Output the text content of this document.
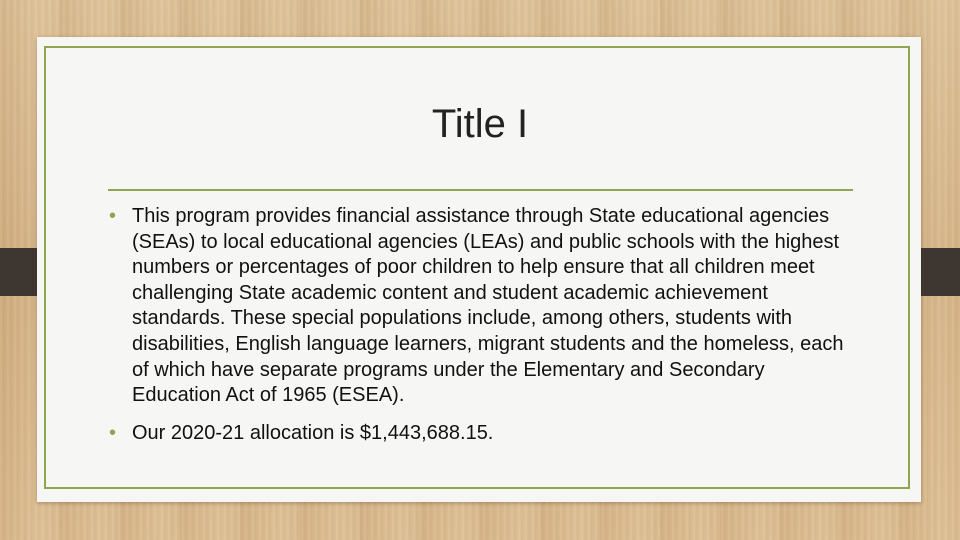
Title I
• This program provides financial assistance through State educational agencies (SEAs) to local educational agencies (LEAs) and public schools with the highest numbers or percentages of poor children to help ensure that all children meet challenging State academic content and student academic achievement standards. These special populations include, among others, students with disabilities, English language learners, migrant students and the homeless, each of which have separate programs under the Elementary and Secondary Education Act of 1965 (ESEA).
• Our 2020-21 allocation is $1,443,688.15.
